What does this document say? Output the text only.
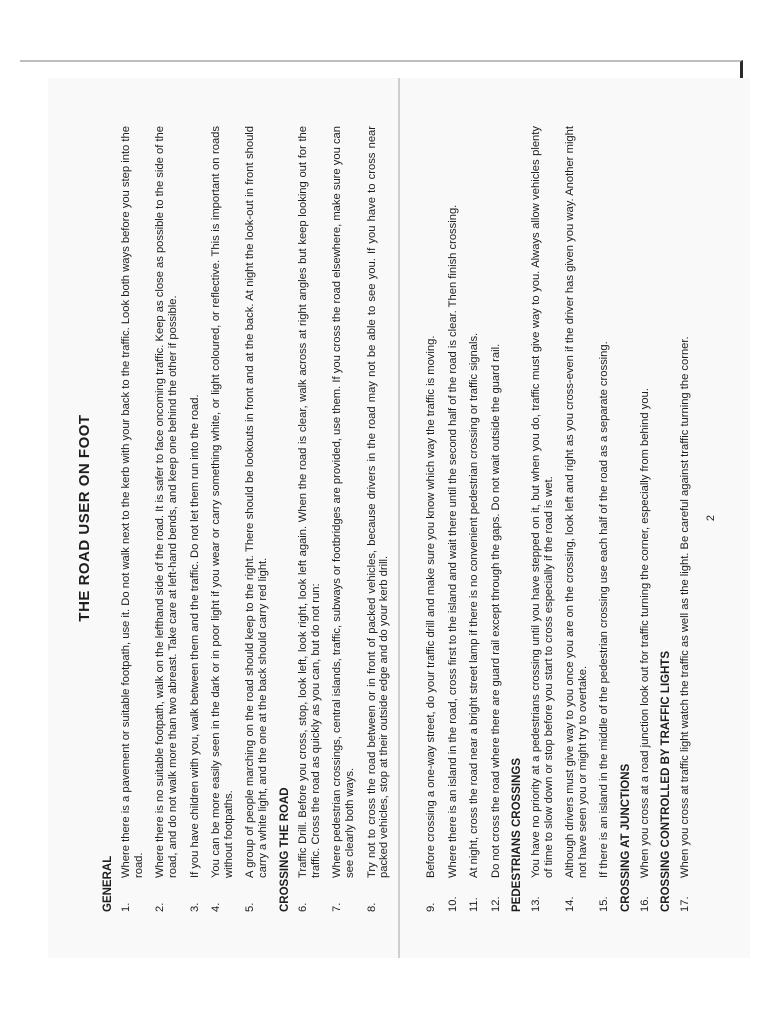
THE ROAD USER ON FOOT
GENERAL 1.
Where there is a pavement or suitable footpath, use it. Do not walk next to the kerb with your back to the traffic. Look both ways before you step into the road.
2.
Where there is no suitable footpath, walk on the lefthand side of the road. It is safer to face oncoming traffic. Keep as close as possible to the side of the road, and do not walk more than two abreast. Take care at left-hand bends, and keep one behind the other if possible.
3.
If you have children with you, walk between them and the traffic. Do not let them run into the road.
4.
You can be more easily seen in the dark or in poor light if you wear or carry something white, or light coloured, or reflective. This is important on roads without footpaths.
5.
A group of people marching on the road should keep to the right. There should be lookouts in front and at the back. At night the look-out in front should carry a white light, and the one at the back should carry red light. CROSSING THE ROAD 6.
Traffic Drill. Before you cross, stop, look left, look right, look left again. When the road is clear, walk across at right angles but keep looking out for the traffic. Cross the road as quickly as you can, but do not run:
7.
Where pedestrian crossings, central islands, traffic, subways or footbridges are provided, use them. If you cross the road elsewhere, make sure you can see clearly both ways.
8.
Try not to cross the road between or in front of packed vehicles, because drivers in the road may not be able to see you. If you have to cross near packed vehicles, stop at their outside edge and do your kerb drill.
9.
Before crossing a one-way street, do your traffic drill and make sure you know which way the traffic is moving.
10.
Where there is an island in the road, cross first to the island and wait there until the second half of the road is clear. Then finish crossing.
11.
At night, cross the road near a bright street lamp if there is no convenient pedestrian crossing or traffic signals.
12.
Do not cross the road where there are guard rail except through the gaps. Do not wait outside the guard rail. PEDESTRIANS CROSSINGS 13.
You have no priority at a pedestrians crossing until you have stepped on it, but when you do, traffic must give way to you. Always allow vehicles plenty of time to slow down or stop before you start to cross especially if the road is wet.
14.
Although drivers must give way to you once you are on the crossing, look left and right as you cross-even if the driver has given you way. Another might not have seen you or might try to overtake.
15.
If there is an island in the middle of the pedestrian crossing use each half of the road as a separate crossing. CROSSING AT JUNCTIONS 16.
When you cross at a road junction look out for traffic turning the corner, especially from behind you. CROSSING CONTROLLED BY TRAFFIC LIGHTS 17.
When you cross at traffic light watch the traffic as well as the light. Be careful against traffic turning the corner. 2
